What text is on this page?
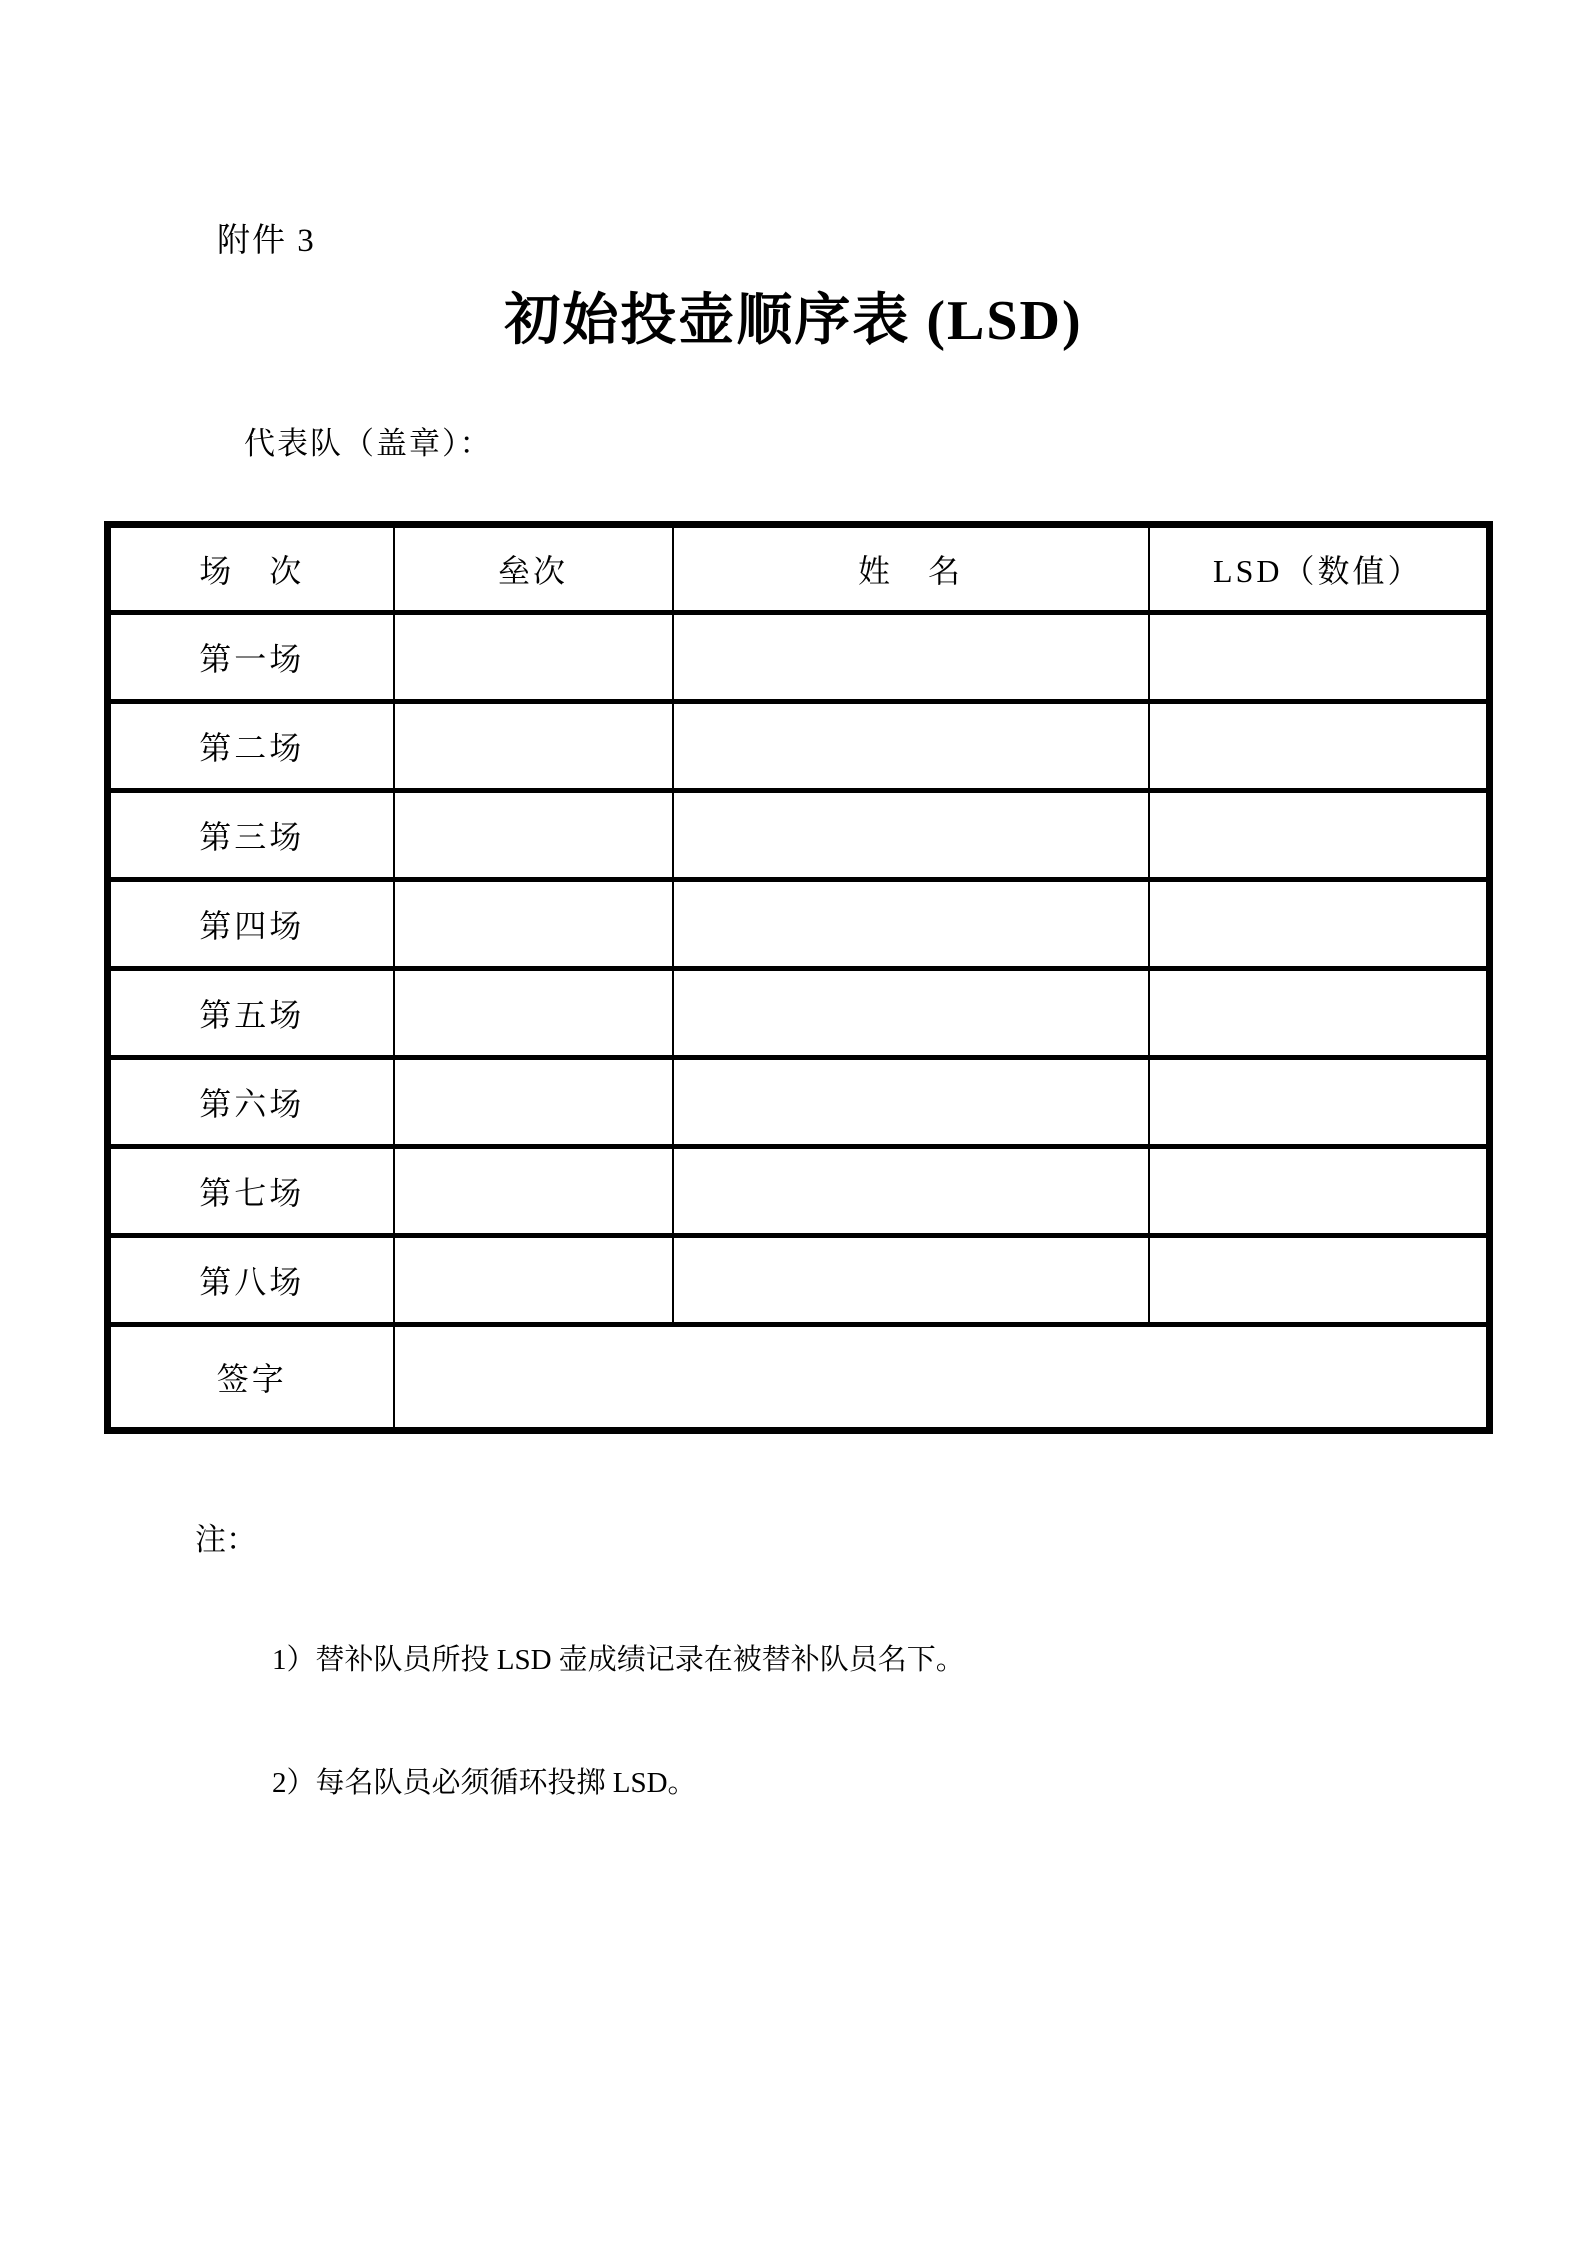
附件 3
初始投壶顺序表 (LSD)
代表队（盖章）：
场　次	垒次	姓　名	LSD（数值）
第一场			
第二场			
第三场			
第四场			
第五场			
第六场			
第七场			
第八场			
签字			
注：

1）替补队员所投 LSD 壶成绩记录在被替补队员名下。

2）每名队员必须循环投掷 LSD。
